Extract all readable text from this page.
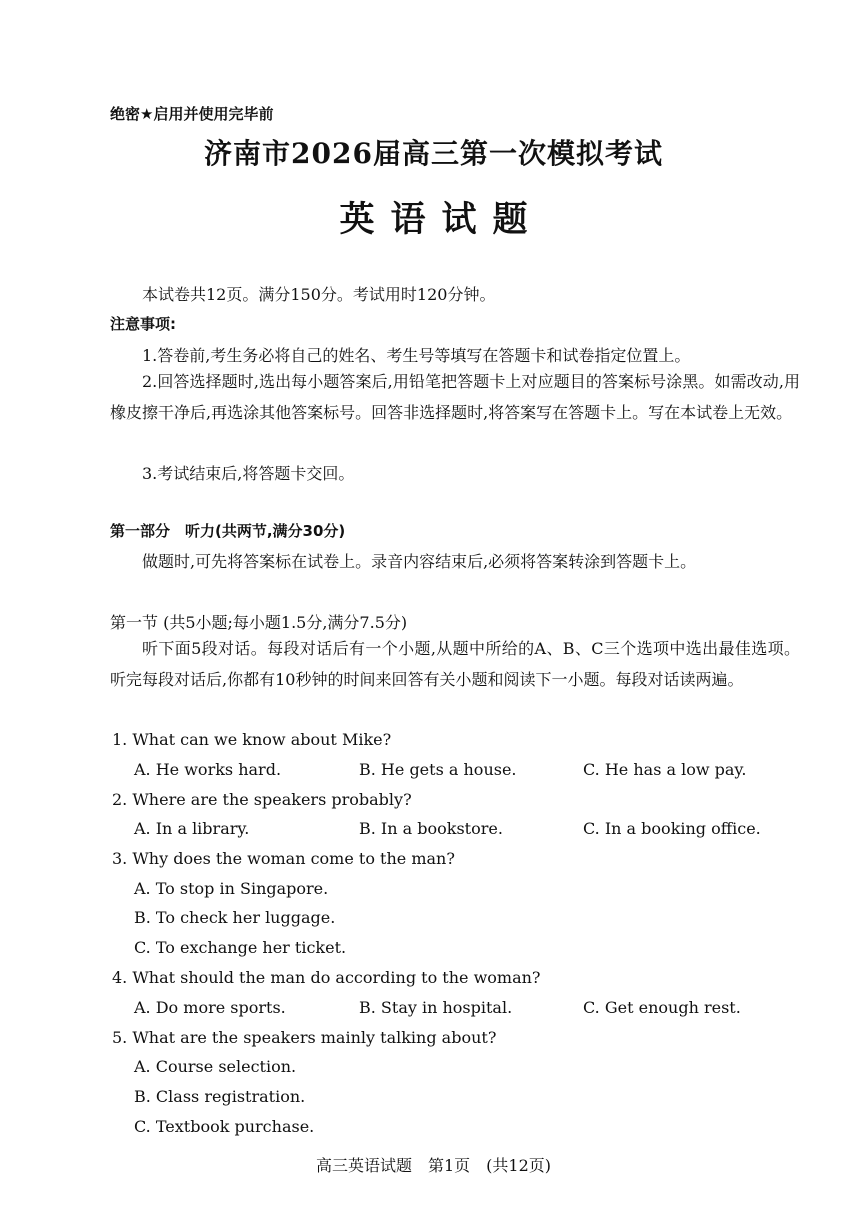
绝密★启用并使用完毕前
济南市2026届高三第一次模拟考试
英语试题
本试卷共12页。满分150分。考试用时120分钟。
注意事项:
1.答卷前,考生务必将自己的姓名、考生号等填写在答题卡和试卷指定位置上。
2.回答选择题时,选出每小题答案后,用铅笔把答题卡上对应题目的答案标号涂黑。如需改动,用橡皮擦干净后,再选涂其他答案标号。回答非选择题时,将答案写在答题卡上。写在本试卷上无效。
3.考试结束后,将答题卡交回。
第一部分　听力(共两节,满分30分)
做题时,可先将答案标在试卷上。录音内容结束后,必须将答案转涂到答题卡上。
第一节 (共5小题;每小题1.5分,满分7.5分)
听下面5段对话。每段对话后有一个小题,从题中所给的A、B、C三个选项中选出最佳选项。听完每段对话后,你都有10秒钟的时间来回答有关小题和阅读下一小题。每段对话读两遍。
1. What can we know about Mike?
A. He works hard.	B. He gets a house.	C. He has a low pay.
2. Where are the speakers probably?
A. In a library.	B. In a bookstore.	C. In a booking office.
3. Why does the woman come to the man?
A. To stop in Singapore.
B. To check her luggage.
C. To exchange her ticket.
4. What should the man do according to the woman?
A. Do more sports.	B. Stay in hospital.	C. Get enough rest.
5. What are the speakers mainly talking about?
A. Course selection.
B. Class registration.
C. Textbook purchase.
高三英语试题　第1页　(共12页)
